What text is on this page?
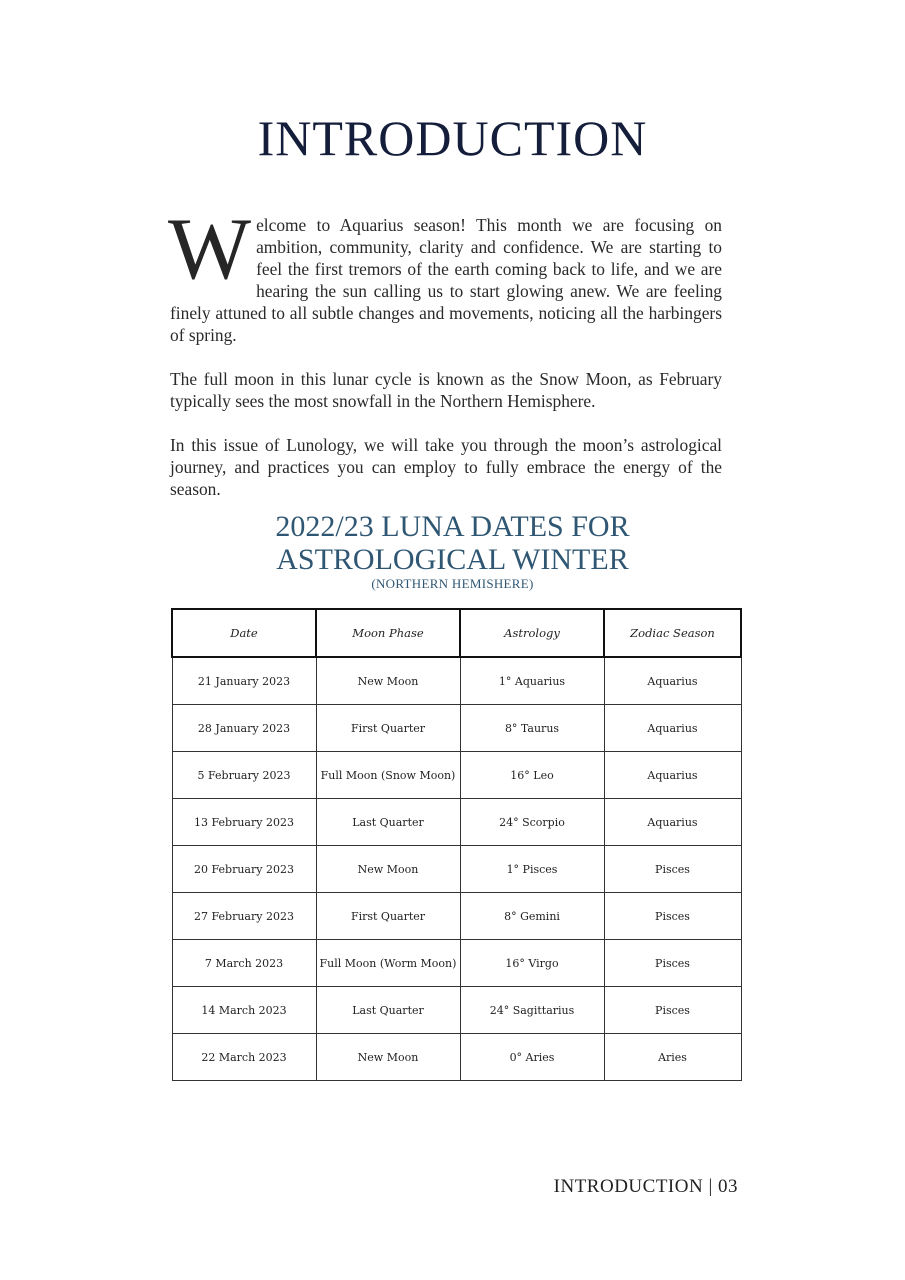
INTRODUCTION

Welcome to Aquarius season! This month we are focusing on ambition, community, clarity and confidence. We are starting to feel the first tremors of the earth coming back to life, and we are hearing the sun calling us to start glowing anew. We are feeling finely attuned to all subtle changes and movements, noticing all the harbingers of spring.

The full moon in this lunar cycle is known as the Snow Moon, as February typically sees the most snowfall in the Northern Hemisphere.

In this issue of Lunology, we will take you through the moon’s astrological journey, and practices you can employ to fully embrace the energy of the season.

2022/23 LUNA DATES FOR
ASTROLOGICAL WINTER
(NORTHERN HEMISHERE)
Date	Moon Phase	Astrology	Zodiac Season
21 January 2023	New Moon	1° Aquarius	Aquarius
28 January 2023	First Quarter	8° Taurus	Aquarius
5 February 2023	Full Moon (Snow Moon)	16° Leo	Aquarius
13 February 2023	Last Quarter	24° Scorpio	Aquarius
20 February 2023	New Moon	1° Pisces	Pisces
27 February 2023	First Quarter	8° Gemini	Pisces
7 March 2023	Full Moon (Worm Moon)	16° Virgo	Pisces
14 March 2023	Last Quarter	24° Sagittarius	Pisces
22 March 2023	New Moon	0° Aries	Aries
INTRODUCTION | 03
